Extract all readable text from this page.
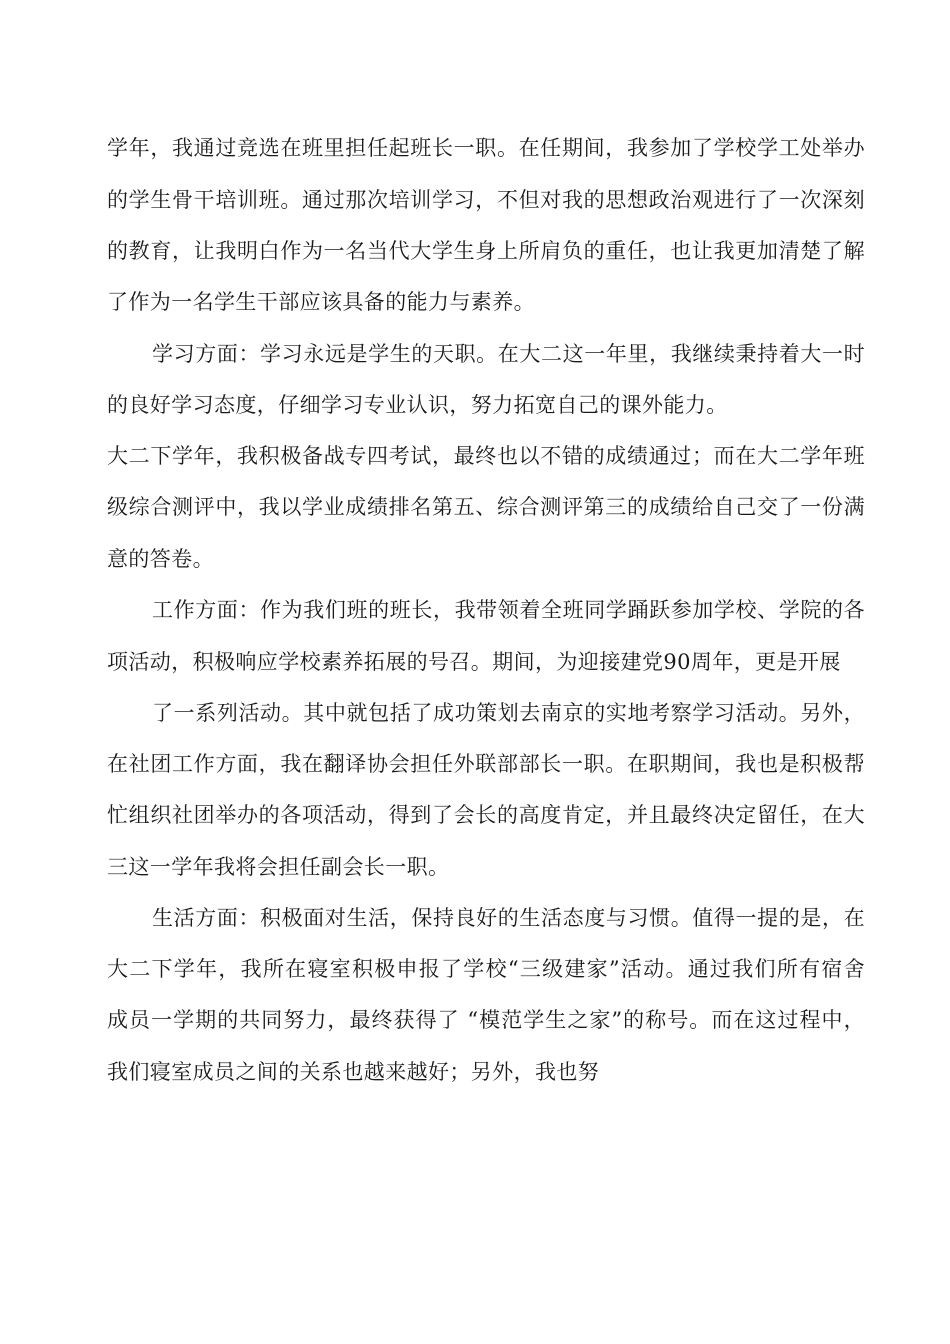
学年，我通过竞选在班里担任起班长一职。在任期间，我参加了学校学工处举办
的学生骨干培训班。通过那次培训学习，不但对我的思想政治观进行了一次深刻
的教育，让我明白作为一名当代大学生身上所肩负的重任，也让我更加清楚了解
了作为一名学生干部应该具备的能力与素养。
学习方面：学习永远是学生的天职。在大二这一年里，我继续秉持着大一时
的良好学习态度，仔细学习专业认识，努力拓宽自己的课外能力。
大二下学年，我积极备战专四考试，最终也以不错的成绩通过；而在大二学年班
级综合测评中，我以学业成绩排名第五、综合测评第三的成绩给自己交了一份满
意的答卷。
工作方面：作为我们班的班长，我带领着全班同学踊跃参加学校、学院的各
项活动，积极响应学校素养拓展的号召。期间，为迎接建党90周年，更是开展
了一系列活动。其中就包括了成功策划去南京的实地考察学习活动。另外，
在社团工作方面，我在翻译协会担任外联部部长一职。在职期间，我也是积极帮
忙组织社团举办的各项活动，得到了会长的高度肯定，并且最终决定留任，在大
三这一学年我将会担任副会长一职。
生活方面：积极面对生活，保持良好的生活态度与习惯。值得一提的是，在
大二下学年，我所在寝室积极申报了学校“三级建家”活动。通过我们所有宿舍
成员一学期的共同努力，最终获得了 “模范学生之家”的称号。而在这过程中，
我们寝室成员之间的关系也越来越好；另外，我也努
